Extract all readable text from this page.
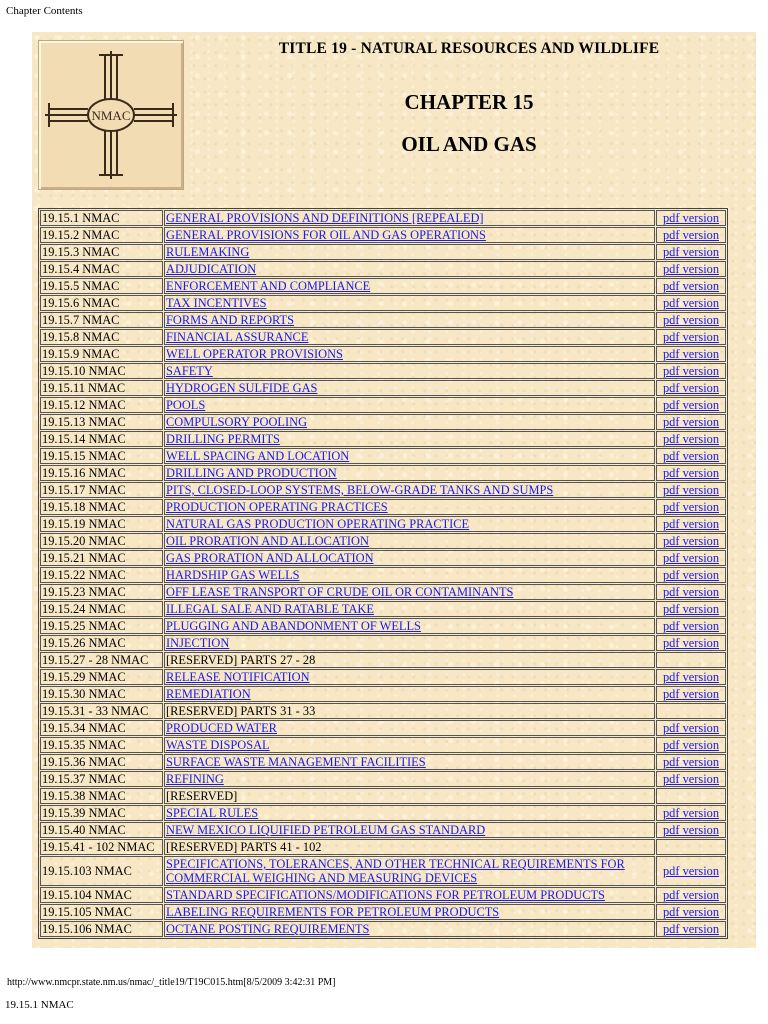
Chapter Contents
NMAC
TITLE 19 - NATURAL RESOURCES AND WILDLIFE
CHAPTER 15
OIL AND GAS
19.15.1 NMAC	GENERAL PROVISIONS AND DEFINITIONS [REPEALED]	pdf version
19.15.2 NMAC	GENERAL PROVISIONS FOR OIL AND GAS OPERATIONS	pdf version
19.15.3 NMAC	RULEMAKING	pdf version
19.15.4 NMAC	ADJUDICATION	pdf version
19.15.5 NMAC	ENFORCEMENT AND COMPLIANCE	pdf version
19.15.6 NMAC	TAX INCENTIVES	pdf version
19.15.7 NMAC	FORMS AND REPORTS	pdf version
19.15.8 NMAC	FINANCIAL ASSURANCE	pdf version
19.15.9 NMAC	WELL OPERATOR PROVISIONS	pdf version
19.15.10 NMAC	SAFETY	pdf version
19.15.11 NMAC	HYDROGEN SULFIDE GAS	pdf version
19.15.12 NMAC	POOLS	pdf version
19.15.13 NMAC	COMPULSORY POOLING	pdf version
19.15.14 NMAC	DRILLING PERMITS	pdf version
19.15.15 NMAC	WELL SPACING AND LOCATION	pdf version
19.15.16 NMAC	DRILLING AND PRODUCTION	pdf version
19.15.17 NMAC	PITS, CLOSED-LOOP SYSTEMS, BELOW-GRADE TANKS AND SUMPS	pdf version
19.15.18 NMAC	PRODUCTION OPERATING PRACTICES	pdf version
19.15.19 NMAC	NATURAL GAS PRODUCTION OPERATING PRACTICE	pdf version
19.15.20 NMAC	OIL PRORATION AND ALLOCATION	pdf version
19.15.21 NMAC	GAS PRORATION AND ALLOCATION	pdf version
19.15.22 NMAC	HARDSHIP GAS WELLS	pdf version
19.15.23 NMAC	OFF LEASE TRANSPORT OF CRUDE OIL OR CONTAMINANTS	pdf version
19.15.24 NMAC	ILLEGAL SALE AND RATABLE TAKE	pdf version
19.15.25 NMAC	PLUGGING AND ABANDONMENT OF WELLS	pdf version
19.15.26 NMAC	INJECTION	pdf version
19.15.27 - 28 NMAC	[RESERVED] PARTS 27 - 28	
19.15.29 NMAC	RELEASE NOTIFICATION	pdf version
19.15.30 NMAC	REMEDIATION	pdf version
19.15.31 - 33 NMAC	[RESERVED] PARTS 31 - 33	
19.15.34 NMAC	PRODUCED WATER	pdf version
19.15.35 NMAC	WASTE DISPOSAL	pdf version
19.15.36 NMAC	SURFACE WASTE MANAGEMENT FACILITIES	pdf version
19.15.37 NMAC	REFINING	pdf version
19.15.38 NMAC	[RESERVED]	
19.15.39 NMAC	SPECIAL RULES	pdf version
19.15.40 NMAC	NEW MEXICO LIQUIFIED PETROLEUM GAS STANDARD	pdf version
19.15.41 - 102 NMAC	[RESERVED] PARTS 41 - 102	
19.15.103 NMAC	SPECIFICATIONS, TOLERANCES, AND OTHER TECHNICAL REQUIREMENTS FOR COMMERCIAL WEIGHING AND MEASURING DEVICES	pdf version
19.15.104 NMAC	STANDARD SPECIFICATIONS/MODIFICATIONS FOR PETROLEUM PRODUCTS	pdf version
19.15.105 NMAC	LABELING REQUIREMENTS FOR PETROLEUM PRODUCTS	pdf version
19.15.106 NMAC	OCTANE POSTING REQUIREMENTS	pdf version
http://www.nmcpr.state.nm.us/nmac/_title19/T19C015.htm[8/5/2009 3:42:31 PM]
19.15.1 NMAC
